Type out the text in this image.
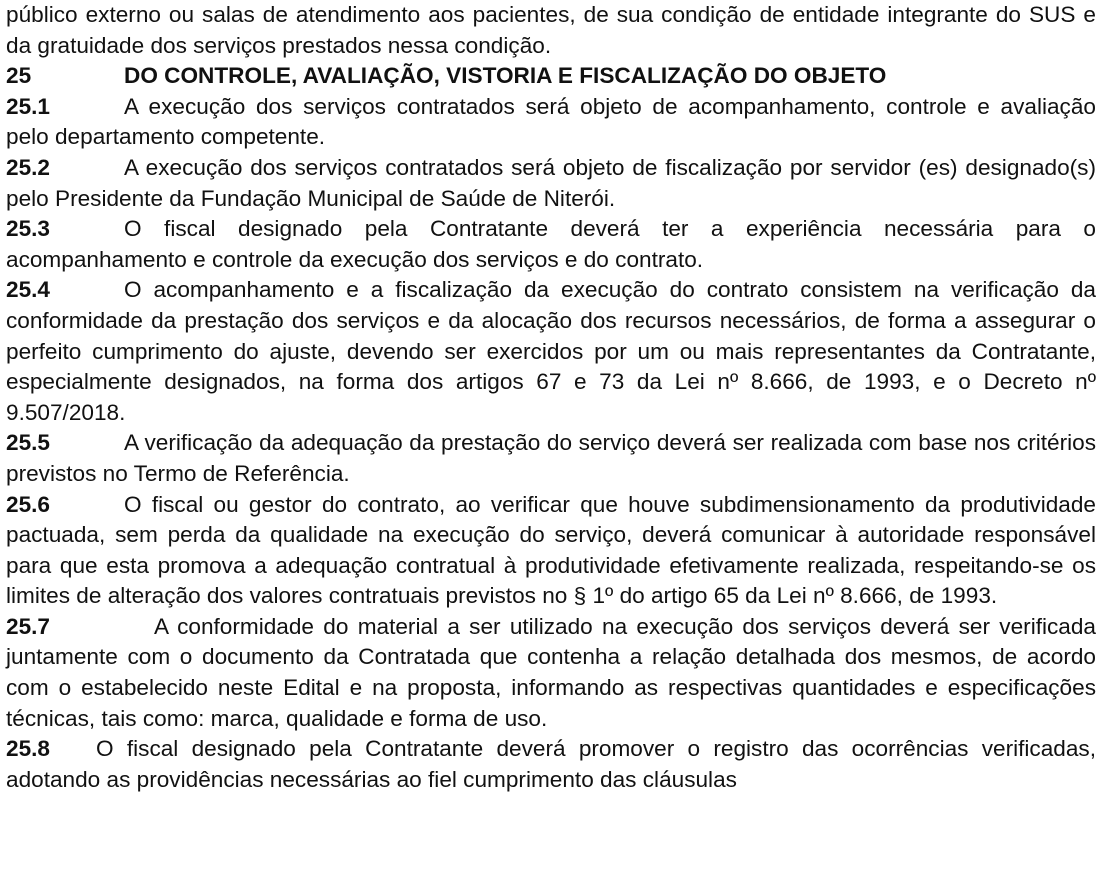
público externo ou salas de atendimento aos pacientes, de sua condição de entidade integrante do SUS e da gratuidade dos serviços prestados nessa condição.

25	DO CONTROLE, AVALIAÇÃO, VISTORIA E FISCALIZAÇÃO DO OBJETO

25.1	A execução dos serviços contratados será objeto de acompanhamento, controle e avaliação pelo departamento competente.

25.2	A execução dos serviços contratados será objeto de fiscalização por servidor (es) designado(s) pelo Presidente da Fundação Municipal de Saúde de Niterói.

25.3	O fiscal designado pela Contratante deverá ter a experiência necessária para o acompanhamento e controle da execução dos serviços e do contrato.

25.4	O acompanhamento e a fiscalização da execução do contrato consistem na verificação da conformidade da prestação dos serviços e da alocação dos recursos necessários, de forma a assegurar o perfeito cumprimento do ajuste, devendo ser exercidos por um ou mais representantes da Contratante, especialmente designados, na forma dos artigos 67 e 73 da Lei nº 8.666, de 1993, e o Decreto nº 9.507/2018.

25.5	A verificação da adequação da prestação do serviço deverá ser realizada com base nos critérios previstos no Termo de Referência.

25.6	O fiscal ou gestor do contrato, ao verificar que houve subdimensionamento da produtividade pactuada, sem perda da qualidade na execução do serviço, deverá comunicar à autoridade responsável para que esta promova a adequação contratual à produtividade efetivamente realizada, respeitando-se os limites de alteração dos valores contratuais previstos no § 1º do artigo 65 da Lei nº 8.666, de 1993.

25.7	A conformidade do material a ser utilizado na execução dos serviços deverá ser verificada juntamente com o documento da Contratada que contenha a relação detalhada dos mesmos, de acordo com o estabelecido neste Edital e na proposta, informando as respectivas quantidades e especificações técnicas, tais como: marca, qualidade e forma de uso.

25.8 O fiscal designado pela Contratante deverá promover o registro das ocorrências verificadas, adotando as providências necessárias ao fiel cumprimento das cláusulas
